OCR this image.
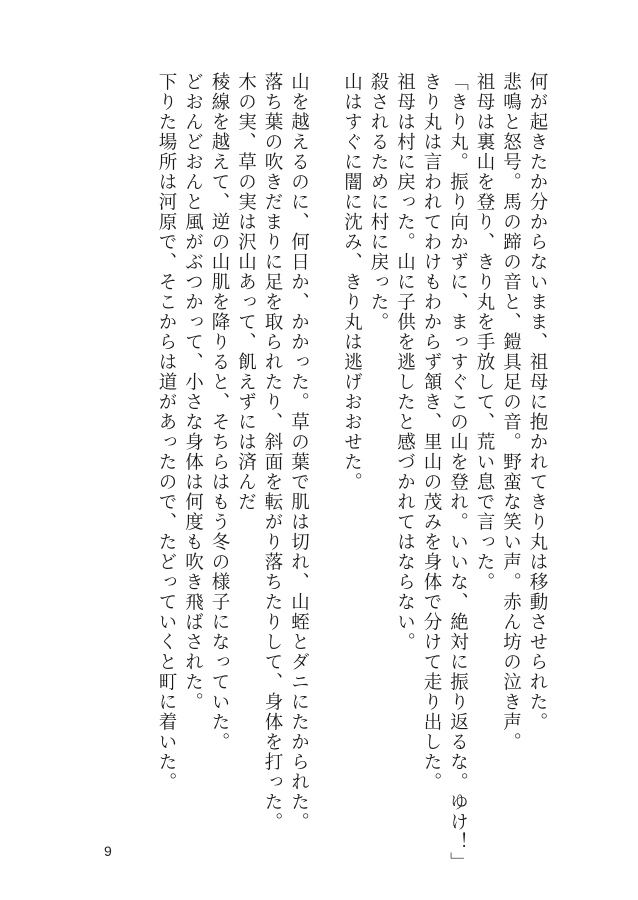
何が起きたか分からないまま、祖母に抱かれてきり丸は移動させられた。
悲鳴と怒号。馬の蹄の音と、鎧具足の音。野蛮な笑い声。赤ん坊の泣き声。
祖母は裏山を登り、きり丸を手放して、荒い息で言った。
「きり丸。振り向かずに、まっすぐこの山を登れ。いいな、絶対に振り返るな。ゆけ！」
きり丸は言われてわけもわからず頷き、里山の茂みを身体で分けて走り出した。
祖母は村に戻った。山に子供を逃したと感づかれてはならない。
殺されるために村に戻った。
山はすぐに闇に沈み、きり丸は逃げおおせた。
山を越えるのに、何日か、かかった。草の葉で肌は切れ、山蛭とダニにたかられた。
落ち葉の吹きだまりに足を取られたり、斜面を転がり落ちたりして、身体を打った。
木の実、草の実は沢山あって、飢えずには済んだ
稜線を越えて、逆の山肌を降りると、そちらはもう冬の様子になっていた。
どおんどおんと風がぶつかって、小さな身体は何度も吹き飛ばされた。
下りた場所は河原で、そこからは道があったので、たどっていくと町に着いた。
9
